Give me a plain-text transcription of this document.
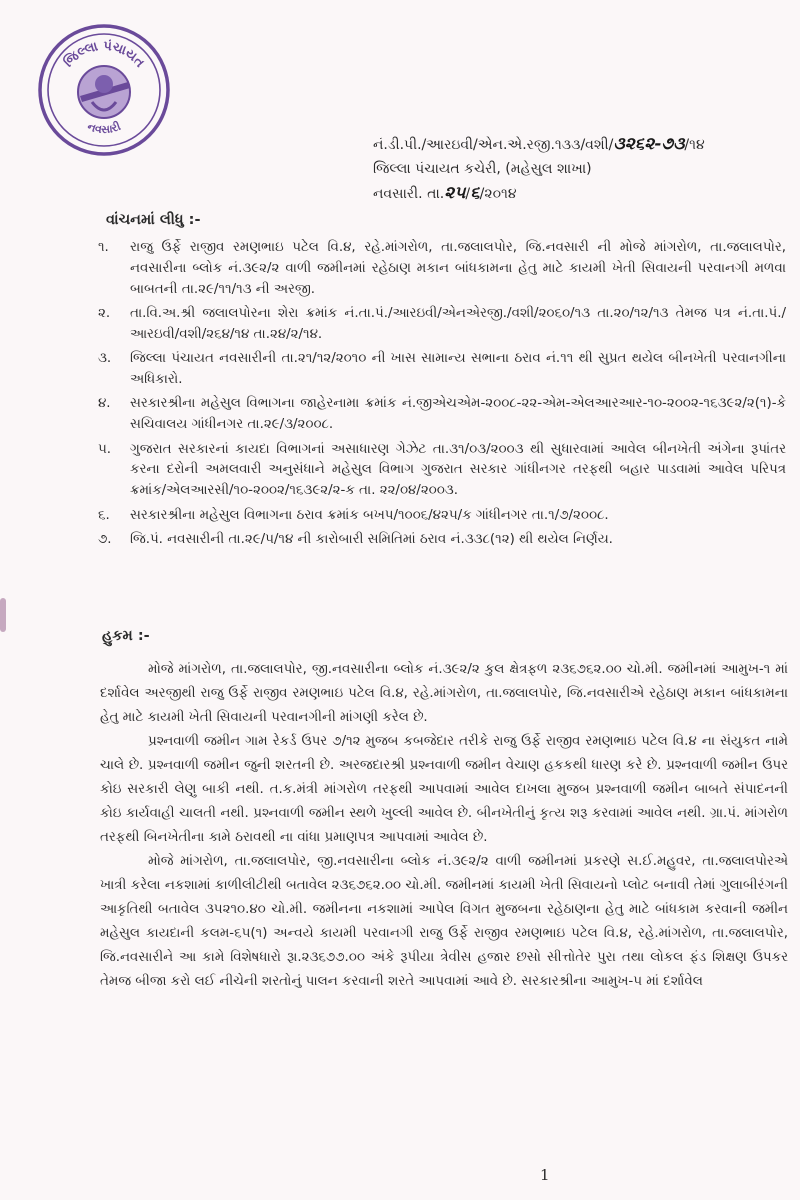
જિલ્લા પંચાયત
નવસારી
નં.ડી.પી./આરઇવી/એન.એ.રજી.૧૩૩/વશી/૩૨૬૨-૭૩/૧૪
જિલ્લા પંચાયત કચેરી, (મહેસુલ શાખા)
નવસારી. તા.૨૫/૬/૨૦૧૪
વાંચનમાં લીધુ :-
૧.	રાજુ ઉર્ફે રાજીવ રમણભાઇ પટેલ વિ.૪, રહે.માંગરોળ, તા.જલાલપોર, જિ.નવસારી ની મોજે માંગરોળ, તા.જલાલપોર, નવસારીના બ્લોક નં.૩૯૨/૨ વાળી જમીનમાં રહેઠાણ મકાન બાંધકામના હેતુ માટે કાયમી ખેતી સિવાયની પરવાનગી મળવા બાબતની તા.૨૯/૧૧/૧૩ ની અરજી.
૨.	તા.વિ.અ.શ્રી જલાલપોરના શેરા ક્રમાંક નં.તા.પં./આરઇવી/એનએરજી./વશી/૨૦૬૦/૧૩ તા.૨૦/૧૨/૧૩ તેમજ પત્ર નં.તા.પં./આરઇવી/વશી/૨૬૪/૧૪ તા.૨૪/૨/૧૪.
૩.	જિલ્લા પંચાયત નવસારીની તા.૨૧/૧૨/૨૦૧૦ ની ખાસ સામાન્ય સભાના ઠરાવ નં.૧૧ થી સુપ્રત થયેલ બીનખેતી પરવાનગીના અધિકારો.
૪.	સરકારશ્રીના મહેસુલ વિભાગના જાહેરનામા ક્રમાંક નં.જીએચએમ-૨૦૦૮-૨૨-એમ-એલઆરઆર-૧૦-૨૦૦૨-૧૬૩૯૨/૨(૧)-કે સચિવાલય ગાંધીનગર તા.૨૯/૩/૨૦૦૮.
૫.	ગુજરાત સરકારનાં કાયદા વિભાગનાં અસાધારણ ગેઝેટ તા.૩૧/૦૩/૨૦૦૩ થી સુધારવામાં આવેલ બીનખેતી અંગેના રૂપાંતર કરના દરોની અમલવારી અનુસંધાને મહેસુલ વિભાગ ગુજરાત સરકાર ગાંધીનગર તરફથી બહાર પાડવામાં આવેલ પરિપત્ર ક્રમાંક/એલઆરસી/૧૦-૨૦૦૨/૧૬૩૯૨/૨-ક તા. ૨૨/૦૪/૨૦૦૩.
૬.	સરકારશ્રીના મહેસુલ વિભાગના ઠરાવ ક્રમાંક બખપ/૧૦૦૬/૪૨૫/ક ગાંધીનગર તા.૧/૭/૨૦૦૮.
૭.	જિ.પં. નવસારીની તા.૨૯/૫/૧૪ ની કારોબારી સમિતિમાં ઠરાવ નં.૩૩૮(૧૨) થી થયેલ નિર્ણય.
હુકમ :-

મોજે માંગરોળ, તા.જલાલપોર, જી.નવસારીના બ્લોક નં.૩૯૨/૨ કુલ ક્ષેત્રફળ ૨૩૬૭૬૨.૦૦ ચો.મી. જમીનમાં આમુખ-૧ માં દર્શાવેલ અરજીથી રાજુ ઉર્ફે રાજીવ રમણભાઇ પટેલ વિ.૪, રહે.માંગરોળ, તા.જલાલપોર, જિ.નવસારીએ રહેઠાણ મકાન બાંધકામના હેતુ માટે કાયમી ખેતી સિવાયની પરવાનગીની માંગણી કરેલ છે.

પ્રશ્નવાળી જમીન ગામ રેકર્ડ ઉપર ૭/૧૨ મુજબ કબજેદાર તરીકે રાજુ ઉર્ફે રાજીવ રમણભાઇ પટેલ વિ.૪ ના સંયુકત નામે ચાલે છે. પ્રશ્નવાળી જમીન જુની શરતની છે. અરજદારશ્રી પ્રશ્નવાળી જમીન વેચાણ હકકથી ધારણ કરે છે. પ્રશ્નવાળી જમીન ઉપર કોઇ સરકારી લેણુ બાકી નથી. ત.ક.મંત્રી માંગરોળ તરફથી આપવામાં આવેલ દાખલા મુજબ પ્રશ્નવાળી જમીન બાબતે સંપાદનની કોઇ કાર્યવાહી ચાલતી નથી. પ્રશ્નવાળી જમીન સ્થળે ખુલ્લી આવેલ છે. બીનખેતીનું કૃત્ય શરૂ કરવામાં આવેલ નથી. ગ્રા.પં. માંગરોળ તરફથી બિનખેતીના કામે ઠરાવથી ના વાંધા પ્રમાણપત્ર આપવામાં આવેલ છે.

મોજે માંગરોળ, તા.જલાલપોર, જી.નવસારીના બ્લોક નં.૩૯૨/૨ વાળી જમીનમાં પ્રકરણે સ.ઈ.મહુવર, તા.જલાલપોરએ ખાત્રી કરેલા નકશામાં કાળીલીટીથી બતાવેલ ૨૩૬૭૬૨.૦૦ ચો.મી. જમીનમાં કાયમી ખેતી સિવાયનો પ્લોટ બનાવી તેમાં ગુલાબીરંગની આકૃતિથી બતાવેલ ૩૫૨૧૦.૪૦ ચો.મી. જમીનના નકશામાં આપેલ વિગત મુજબના રહેઠાણના હેતુ માટે બાંધકામ કરવાની જમીન મહેસુલ કાયદાની કલમ-૬૫(૧) અન્વયે કાયમી પરવાનગી રાજુ ઉર્ફે રાજીવ રમણભાઇ પટેલ વિ.૪, રહે.માંગરોળ, તા.જલાલપોર, જિ.નવસારીને આ કામે વિશેષધારો રૂા.૨૩૬૭૭.૦૦ અંકે રૂપીયા ત્રેવીસ હજાર છસો સીત્તોતેર પુરા તથા લોકલ ફંડ શિક્ષણ ઉપકર તેમજ બીજા કરો લઈ નીચેની શરતોનું પાલન કરવાની શરતે આપવામાં આવે છે. સરકારશ્રીના આમુખ-૫ માં દર્શાવેલ

1
